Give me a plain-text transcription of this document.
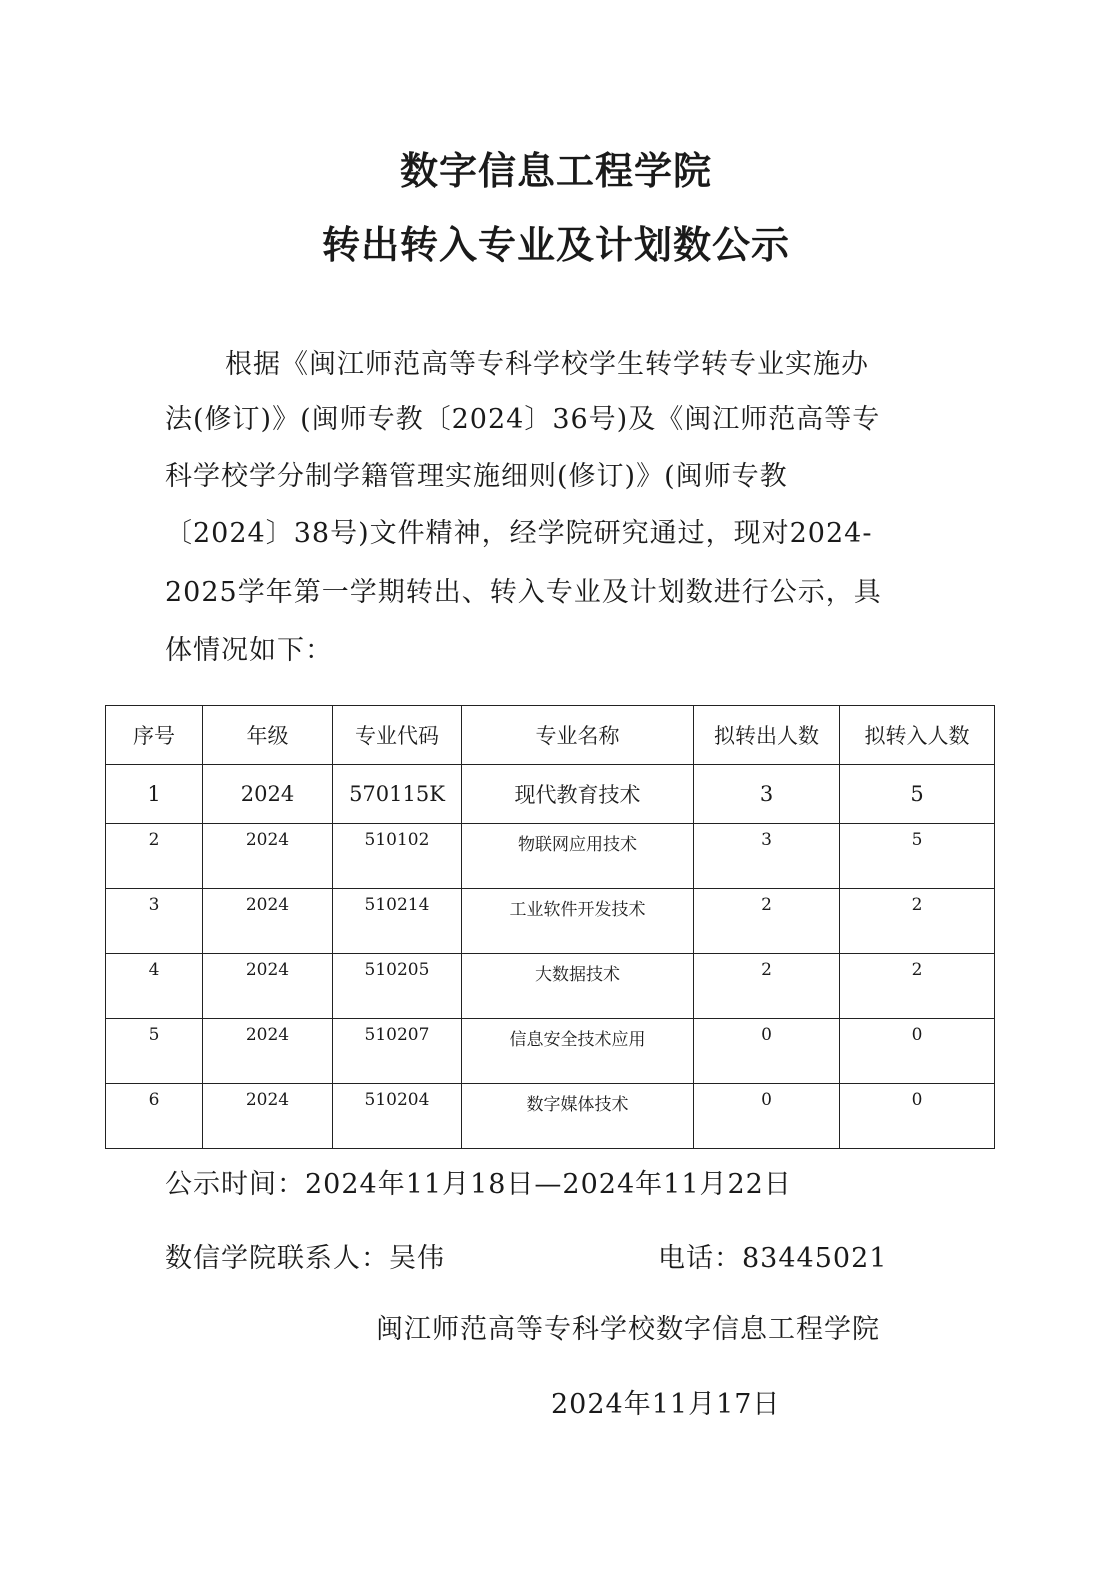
数字信息工程学院
转出转入专业及计划数公示
根据《闽江师范高等专科学校学生转学转专业实施办
法(修订)》(闽师专教〔2024〕36号)及《闽江师范高等专
科学校学分制学籍管理实施细则(修订)》(闽师专教
〔2024〕38号)文件精神，经学院研究通过，现对2024-
2025学年第一学期转出、转入专业及计划数进行公示，具
体情况如下：
序号	年级	专业代码	专业名称	拟转出人数	拟转入人数
1	2024	570115K	现代教育技术	3	5
2	2024	510102	物联网应用技术	3	5
3	2024	510214	工业软件开发技术	2	2
4	2024	510205	大数据技术	2	2
5	2024	510207	信息安全技术应用	0	0
6	2024	510204	数字媒体技术	0	0
公示时间：2024年11月18日—2024年11月22日
数信学院联系人：吴伟	电话：83445021
闽江师范高等专科学校数字信息工程学院
2024年11月17日
